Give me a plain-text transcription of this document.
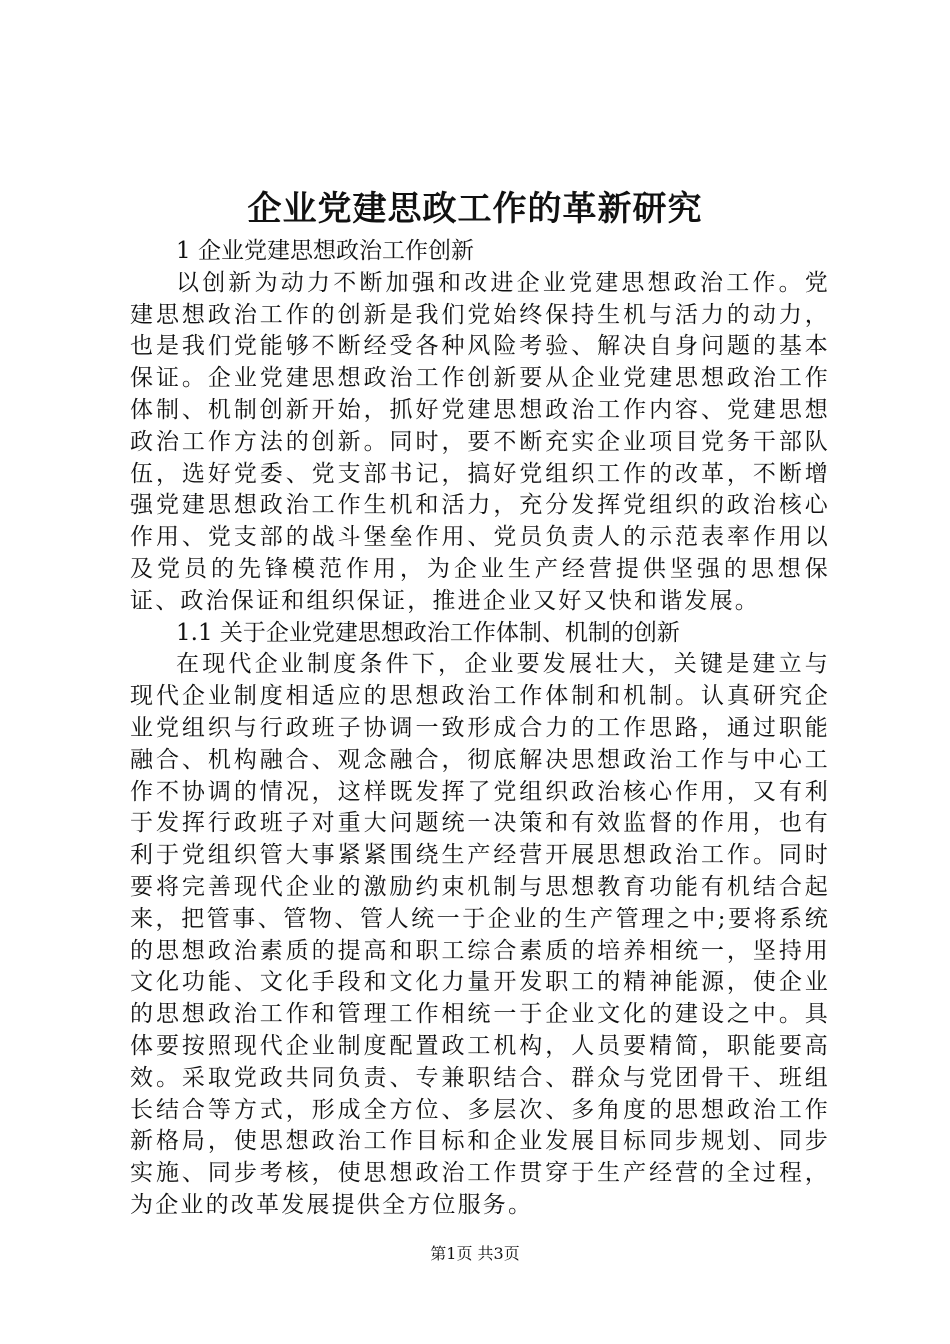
企业党建思政工作的革新研究
1 企业党建思想政治工作创新

以创新为动力不断加强和改进企业党建思想政治工作。党建思想政治工作的创新是我们党始终保持生机与活力的动力，也是我们党能够不断经受各种风险考验、解决自身问题的基本保证。企业党建思想政治工作创新要从企业党建思想政治工作体制、机制创新开始，抓好党建思想政治工作内容、党建思想政治工作方法的创新。同时，要不断充实企业项目党务干部队伍，选好党委、党支部书记，搞好党组织工作的改革，不断增强党建思想政治工作生机和活力，充分发挥党组织的政治核心作用、党支部的战斗堡垒作用、党员负责人的示范表率作用以及党员的先锋模范作用，为企业生产经营提供坚强的思想保证、政治保证和组织保证，推进企业又好又快和谐发展。

1.1 关于企业党建思想政治工作体制、机制的创新

在现代企业制度条件下，企业要发展壮大，关键是建立与现代企业制度相适应的思想政治工作体制和机制。认真研究企业党组织与行政班子协调一致形成合力的工作思路，通过职能融合、机构融合、观念融合，彻底解决思想政治工作与中心工作不协调的情况，这样既发挥了党组织政治核心作用，又有利于发挥行政班子对重大问题统一决策和有效监督的作用，也有利于党组织管大事紧紧围绕生产经营开展思想政治工作。同时要将完善现代企业的激励约束机制与思想教育功能有机结合起来，把管事、管物、管人统一于企业的生产管理之中;要将系统的思想政治素质的提高和职工综合素质的培养相统一，坚持用文化功能、文化手段和文化力量开发职工的精神能源，使企业的思想政治工作和管理工作相统一于企业文化的建设之中。具体要按照现代企业制度配置政工机构，人员要精简，职能要高效。采取党政共同负责、专兼职结合、群众与党团骨干、班组长结合等方式，形成全方位、多层次、多角度的思想政治工作新格局，使思想政治工作目标和企业发展目标同步规划、同步实施、同步考核，使思想政治工作贯穿于生产经营的全过程，为企业的改革发展提供全方位服务。

第1页 共3页
